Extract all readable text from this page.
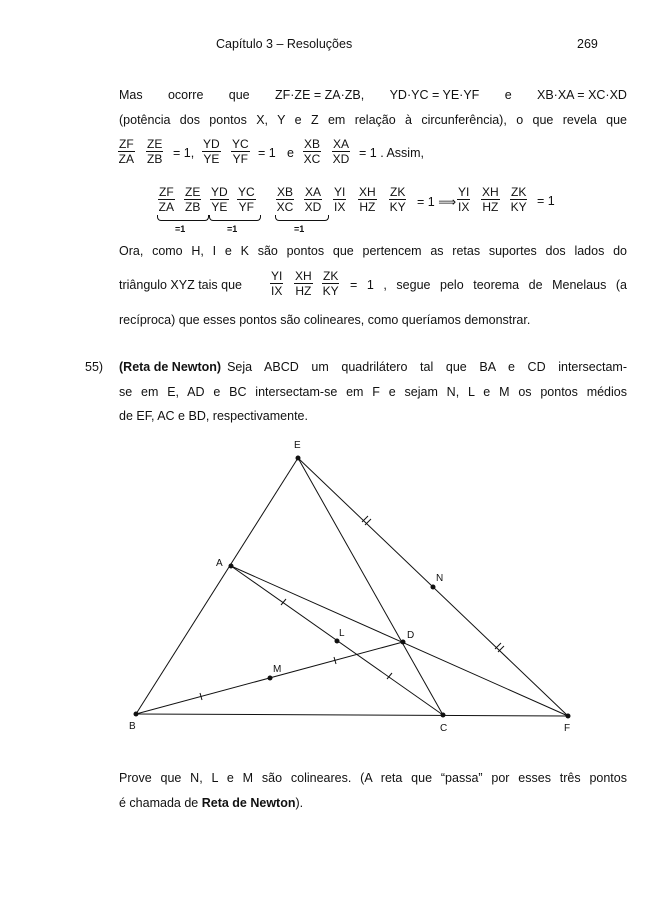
Capítulo 3 – Resoluções	269
Mas ocorre que ZF·ZE = ZA·ZB, YD·YC = YE·YF e XB·XA = XC·XD
(potência dos pontos X, Y e Z em relação à circunferência), o que revela que
$\frac{ZF}{ZA} \frac{ZE}{ZB} = 1$, $\frac{YD}{YE} \frac{YC}{YF} = 1$ e $\frac{XB}{XC} \frac{XA}{XD} = 1$ . Assim,
$\frac{ZF}{ZA} \frac{ZE}{ZB} \frac{YD}{YE} \frac{YC}{YF} \frac{XB}{XC} \frac{XA}{XD} \frac{YI}{IX} \frac{XH}{HZ} \frac{ZK}{KY} = 1$ ⟹ $\frac{YI}{IX} \frac{XH}{HZ} \frac{ZK}{KY} = 1$
=1	=1	=1
Ora, como H, I e K são pontos que pertencem as retas suportes dos lados do
triângulo XYZ tais que $\frac{YI}{IX} \frac{XH}{HZ} \frac{ZK}{KY} = 1$ , segue pelo teorema de Menelaus (a
recíproca) que esses pontos são colineares, como queríamos demonstrar.
55) (Reta de Newton) Seja ABCD um quadrilátero tal que BA e CD intersectam-
se em E, AD e BC intersectam-se em F e sejam N, L e M os pontos médios
de EF, AC e BD, respectivamente.
E
A
N
L	D
M
B	C	F
Prove que N, L e M são colineares. (A reta que “passa” por esses três pontos
é chamada de Reta de Newton).
